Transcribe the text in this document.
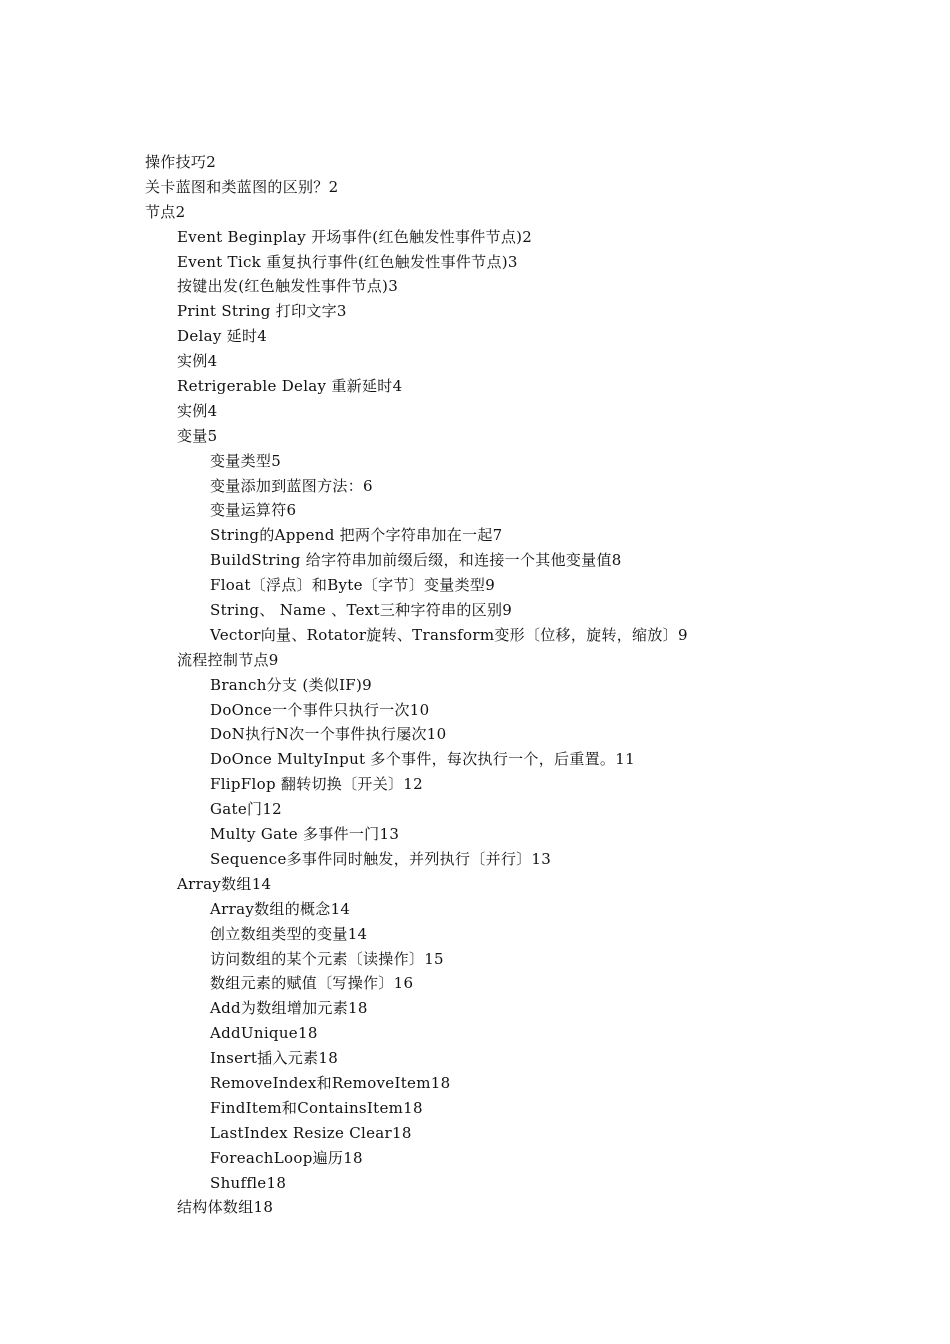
操作技巧2
关卡蓝图和类蓝图的区别？2
节点2
Event Beginplay 开场事件(红色触发性事件节点)2
Event Tick 重复执行事件(红色触发性事件节点)3
按键出发(红色触发性事件节点)3
Print String 打印文字3
Delay 延时4
实例4
Retrigerable Delay 重新延时4
实例4
变量5
变量类型5
变量添加到蓝图方法：6
变量运算符6
String的Append 把两个字符串加在一起7
BuildString 给字符串加前缀后缀，和连接一个其他变量值8
Float〔浮点〕和Byte〔字节〕变量类型9
String、 Name 、Text三种字符串的区别9
Vector向量、Rotator旋转、Transform变形〔位移，旋转，缩放〕9
流程控制节点9
Branch分支 (类似IF)9
DoOnce一个事件只执行一次10
DoN执行N次一个事件执行屡次10
DoOnce MultyInput 多个事件，每次执行一个，后重置。11
FlipFlop 翻转切换〔开关〕12
Gate门12
Multy Gate 多事件一门13
Sequence多事件同时触发，并列执行〔并行〕13
Array数组14
Array数组的概念14
创立数组类型的变量14
访问数组的某个元素〔读操作〕15
数组元素的赋值〔写操作〕16
Add为数组增加元素18
AddUnique18
Insert插入元素18
RemoveIndex和RemoveItem18
FindItem和ContainsItem18
LastIndex Resize Clear18
ForeachLoop遍历18
Shuffle18
结构体数组18
